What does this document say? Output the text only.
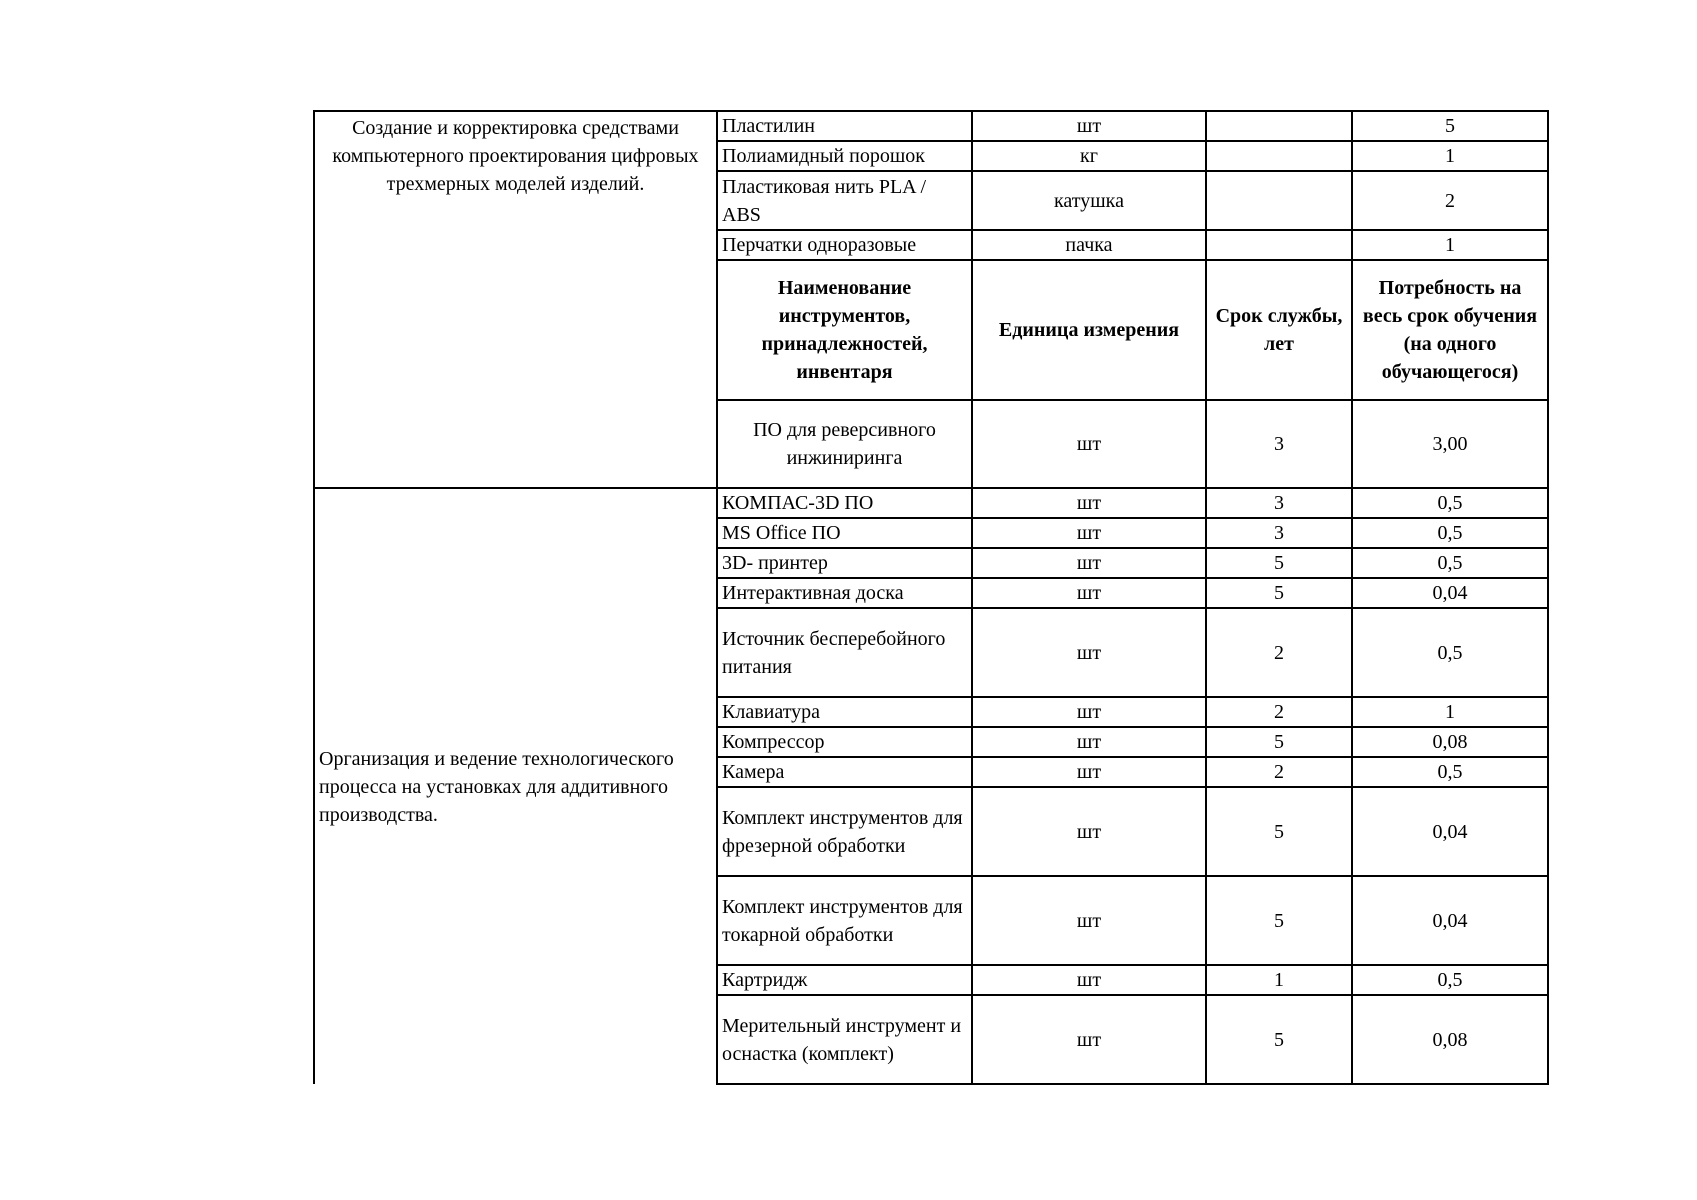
Создание и корректировка средствами компьютерного проектирования цифровых трехмерных моделей изделий.	Пластилин	шт		5
	Полиамидный порошок	кг		1
	Пластиковая нить PLA / ABS	катушка		2
	Перчатки одноразовые	пачка		1
	Наименование инструментов, принадлежностей, инвентаря	Единица измерения	Срок службы, лет	Потребность на весь срок обучения (на одного обучающегося)
	ПО для реверсивного инжиниринга	шт	3	3,00
Организация и ведение технологического процесса на установках для аддитивного производства.	КОМПАС-3D ПО	шт	3	0,5
	MS Office ПО	шт	3	0,5
	3D- принтер	шт	5	0,5
	Интерактивная доска	шт	5	0,04
	Источник бесперебойного питания	шт	2	0,5
	Клавиатура	шт	2	1
	Компрессор	шт	5	0,08
	Камера	шт	2	0,5
	Комплект инструментов для фрезерной обработки	шт	5	0,04
	Комплект инструментов для токарной обработки	шт	5	0,04
	Картридж	шт	1	0,5
	Мерительный инструмент и оснастка (комплект)	шт	5	0,08
